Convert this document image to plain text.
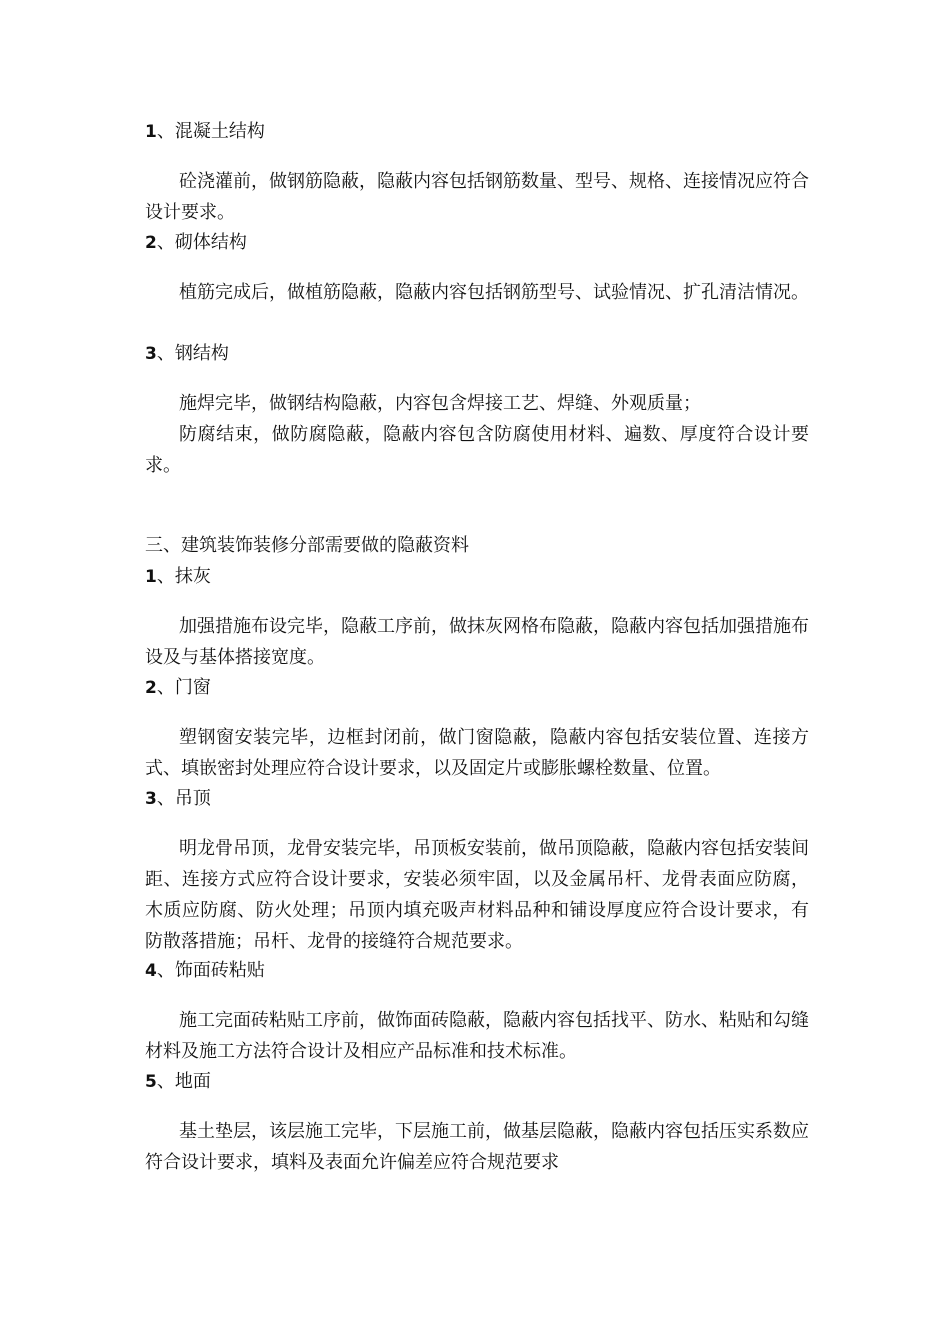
1、混凝土结构
砼浇灌前，做钢筋隐蔽，隐蔽内容包括钢筋数量、型号、规格、连接情况应符合设计要求。
2、砌体结构
植筋完成后，做植筋隐蔽，隐蔽内容包括钢筋型号、试验情况、扩孔清洁情况。
3、钢结构
施焊完毕，做钢结构隐蔽，内容包含焊接工艺、焊缝、外观质量；
防腐结束，做防腐隐蔽，隐蔽内容包含防腐使用材料、遍数、厚度符合设计要求。
三、建筑装饰装修分部需要做的隐蔽资料
1、抹灰
加强措施布设完毕，隐蔽工序前，做抹灰网格布隐蔽，隐蔽内容包括加强措施布设及与基体搭接宽度。
2、门窗
塑钢窗安装完毕，边框封闭前，做门窗隐蔽，隐蔽内容包括安装位置、连接方式、填嵌密封处理应符合设计要求，以及固定片或膨胀螺栓数量、位置。
3、吊顶
明龙骨吊顶，龙骨安装完毕，吊顶板安装前，做吊顶隐蔽，隐蔽内容包括安装间距、连接方式应符合设计要求，安装必须牢固，以及金属吊杆、龙骨表面应防腐，木质应防腐、防火处理；吊顶内填充吸声材料品种和铺设厚度应符合设计要求，有防散落措施；吊杆、龙骨的接缝符合规范要求。
4、饰面砖粘贴
施工完面砖粘贴工序前，做饰面砖隐蔽，隐蔽内容包括找平、防水、粘贴和勾缝材料及施工方法符合设计及相应产品标准和技术标准。
5、地面
基土垫层，该层施工完毕，下层施工前，做基层隐蔽，隐蔽内容包括压实系数应符合设计要求，填料及表面允许偏差应符合规范要求
